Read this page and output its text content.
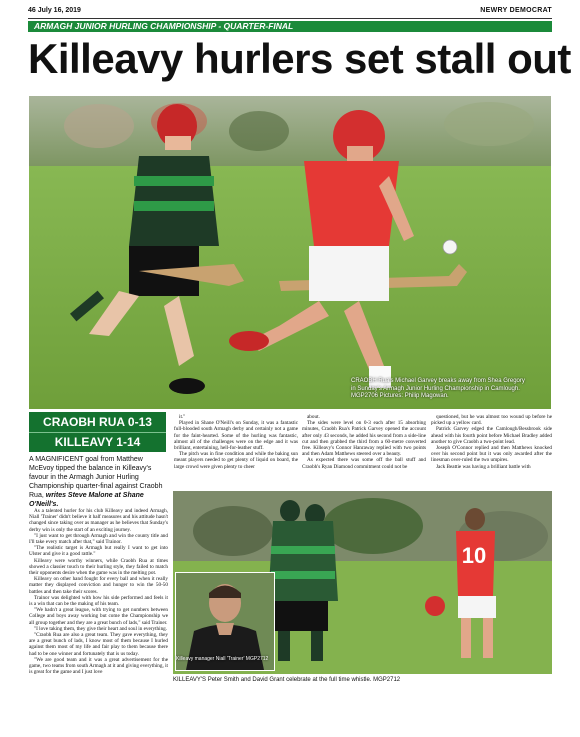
46 July 16, 2019	NEWRY DEMOCRAT
ARMAGH JUNIOR HURLING CHAMPIONSHIP - QUARTER-FINAL
Killeavy hurlers set stall out
CRAOBH Rua's Michael Garvey breaks away from Shea Gregory in Sunday's Armagh Junior Hurling Championship in Camlough. MGP2706 Pictures: Philip Magowan.
CRAOBH RUA 0-13
KILLEAVY 1-14
A MAGNIFICENT goal from Matthew McEvoy tipped the balance in Killeavy's favour in the Armagh Junior Hurling Championship quarter-final against Craobh Rua, writes Steve Malone at Shane O'Neill's.

As a talented hurler for his club Killeavy and indeed Armagh, Niall 'Trainer' didn't believe it half measures and his attitude hasn't changed since taking over as manager as he believes that Sunday's derby win is only the start of an exciting journey.

"I just want to get through Armagh and win the county title and I'll take every match after that," said Trainor.

"The realistic target is Armagh but really I want to get into Ulster and give it a good rattle."

Killeavy were worthy winners, while Craobh Rua at times showed a classier touch to their hurling style, they failed to match their opponents desire when the game was in the melting pot.

Killeavy on other hand fought for every ball and when it really matter they displayed conviction and hunger to win the 50-50 battles and then take their scores.

Trainor was delighted with how his side performed and feels it is a win that can be the making of his team.

"We hadn't a great league, with trying to get numbers between College and boys away working but come the Championship we all group together and they are a great bunch of lads," said Trainer.

"I love taking them, they give their heart and soul in everything.

"Craobh Rua are also a great team. They gave everything, they are a great bunch of lads, I know most of them because I hurled against them most of my life and fair play to them because there had to be one winner and fortunately that is us today.

"We are good team and it was a great advertisement for the game, two teams from south Armagh at it and giving everything, it is great for the game and I just love

it."

Played in Shane O'Neill's on Sunday, it was a fantastic full-blooded south Armagh derby and certainly not a game for the faint-hearted. Some of the hurling was fantastic, almost all of the challenges were on the edge and it was brilliant, entertaining, hell-for-leather stuff.

The pitch was in fine condition and while the baking sun meant players needed to get plenty of liquid on board, the large crowd were given plenty to cheer

about.

The sides were level on 0-3 each after 15 absorbing minutes, Craobh Rua's Patrick Garvey opened the account after only 43 seconds, he added his second from a side-line cut and then grabbed the third from a 60-metre converted free. Killeavy's Connor Hanraway replied with two points and then Adam Matthews steered over a beauty.

As expected there was some off the ball stuff and Craobh's Ryan Diamond commitment could not be

questioned, but he was almost too wound up before he picked up a yellow card.

Patrick Garvey edged the Camlough/Bessbrook side ahead with his fourth point before Michael Bradley added another to give Craobh a two-point lead.

Joseph O'Connor replied and then Matthews knocked over his second point but it was only awarded after the linesman over-ruled the two umpires.

Jack Beattie was having a brilliant battle with

10
Killeavy manager Niall 'Trainer' MGP2712
KILLEAVY'S Peter Smith and David Grant celebrate at the full time whistle. MGP2712
